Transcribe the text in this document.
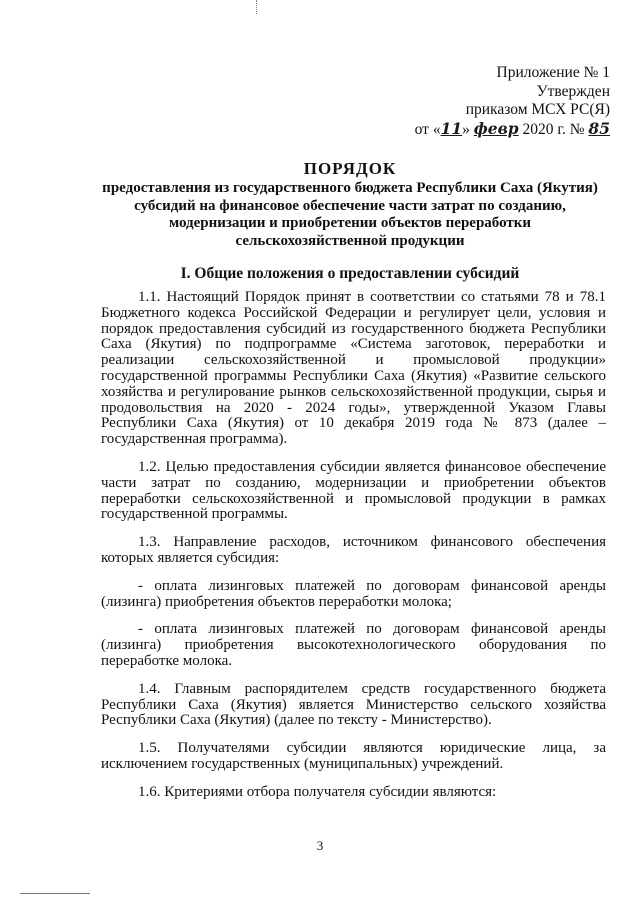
Приложение № 1
Утвержден
приказом МСХ РС(Я)
от «11» февр 2020 г. № 85

ПОРЯДОК

предоставления из государственного бюджета Республики Саха (Якутия) субсидий на финансовое обеспечение части затрат по созданию, модернизации и приобретении объектов переработки сельскохозяйственной продукции

I. Общие положения о предоставлении субсидий

1.1. Настоящий Порядок принят в соответствии со статьями 78 и 78.1 Бюджетного кодекса Российской Федерации и регулирует цели, условия и порядок предоставления субсидий из государственного бюджета Республики Саха (Якутия) по подпрограмме «Система заготовок, переработки и реализации сельскохозяйственной и промысловой продукции» государственной программы Республики Саха (Якутия) «Развитие сельского хозяйства и регулирование рынков сельскохозяйственной продукции, сырья и продовольствия на 2020 - 2024 годы», утвержденной Указом Главы Республики Саха (Якутия) от 10 декабря 2019 года № 873 (далее – государственная программа).

1.2. Целью предоставления субсидии является финансовое обеспечение части затрат по созданию, модернизации и приобретении объектов переработки сельскохозяйственной и промысловой продукции в рамках государственной программы.

1.3. Направление расходов, источником финансового обеспечения которых является субсидия:

- оплата лизинговых платежей по договорам финансовой аренды (лизинга) приобретения объектов переработки молока;

- оплата лизинговых платежей по договорам финансовой аренды (лизинга) приобретения высокотехнологического оборудования по переработке молока.

1.4. Главным распорядителем средств государственного бюджета Республики Саха (Якутия) является Министерство сельского хозяйства Республики Саха (Якутия) (далее по тексту - Министерство).

1.5. Получателями субсидии являются юридические лица, за исключением государственных (муниципальных) учреждений.

1.6. Критериями отбора получателя субсидии являются:

3
